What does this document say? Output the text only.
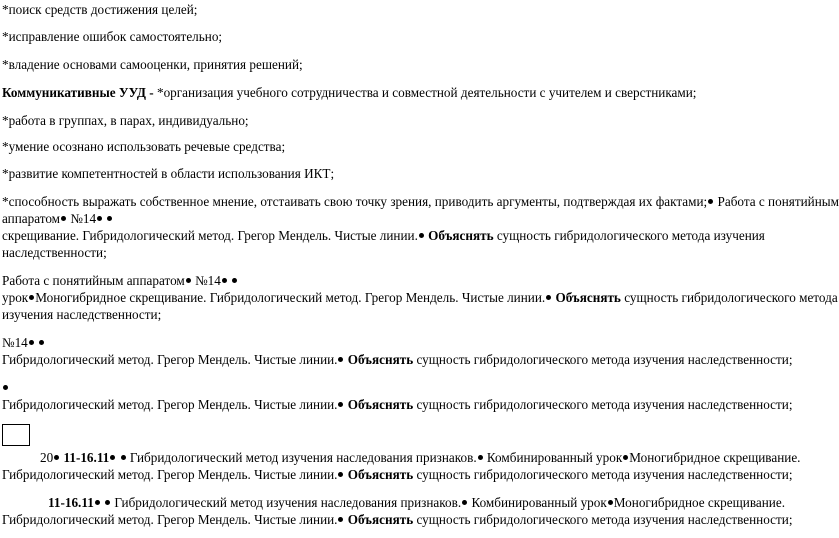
*поиск средств достижения целей;
*исправление ошибок самостоятельно;
*владение основами самооценки, принятия решений;
Коммуникативные УУД - *организация учебного сотрудничества и совместной деятельности с учителем и сверстниками;
*работа в группах, в парах, индивидуально;
*умение осознано использовать речевые средства;
*развитие компетентностей в области использования ИКТ;
*способность выражать собственное мнение, отстаивать свою точку зрения, приводить аргументы, подтверждая их фактами; Работа с понятийным
аппаратом №14
скрещивание. Гибридологический метод. Грегор Мендель. Чистые линии. Объяснять сущность гибридологического метода изучения
наследственности;
Работа с понятийным аппаратом №14
урок Моногибридное скрещивание. Гибридологический метод. Грегор Мендель. Чистые линии. Объяснять сущность гибридологического метода
изучения наследственности;
№14
Гибридологический метод. Грегор Мендель. Чистые линии. Объяснять сущность гибридологического метода изучения наследственности;
Гибридологический метод. Грегор Мендель. Чистые линии. Объяснять сущность гибридологического метода изучения наследственности;
20 11-16.11  Гибридологический метод изучения наследования признаков. Комбинированный урок Моногибридное скрещивание.
Гибридологический метод. Грегор Мендель. Чистые линии. Объяснять сущность гибридологического метода изучения наследственности;
11-16.11  Гибридологический метод изучения наследования признаков. Комбинированный урок Моногибридное скрещивание.
Гибридологический метод. Грегор Мендель. Чистые линии. Объяснять сущность гибридологического метода изучения наследственности;
